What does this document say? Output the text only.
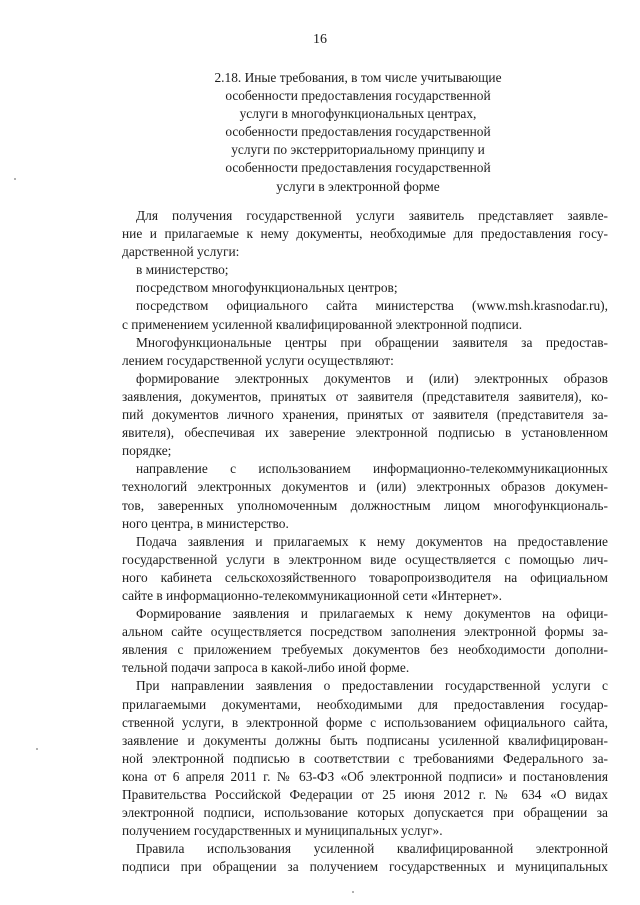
16
2.18. Иные требования, в том числе учитывающие
особенности предоставления государственной
услуги в многофункциональных центрах,
особенности предоставления государственной
услуги по экстерриториальному принципу и
особенности предоставления государственной
услуги в электронной форме
Для получения государственной услуги заявитель представляет заявле-
ние и прилагаемые к нему документы, необходимые для предоставления госу-
дарственной услуги:
в министерство;
посредством многофункциональных центров;
посредством официального сайта министерства (www.msh.krasnodar.ru),
с применением усиленной квалифицированной электронной подписи.
Многофункциональные центры при обращении заявителя за предостав-
лением государственной услуги осуществляют:
формирование электронных документов и (или) электронных образов
заявления, документов, принятых от заявителя (представителя заявителя), ко-
пий документов личного хранения, принятых от заявителя (представителя за-
явителя), обеспечивая их заверение электронной подписью в установленном
порядке;
направление с использованием информационно-телекоммуникационных
технологий электронных документов и (или) электронных образов докумен-
тов, заверенных уполномоченным должностным лицом многофункциональ-
ного центра, в министерство.
Подача заявления и прилагаемых к нему документов на предоставление
государственной услуги в электронном виде осуществляется с помощью лич-
ного кабинета сельскохозяйственного товаропроизводителя на официальном
сайте в информационно-телекоммуникационной сети «Интернет».
Формирование заявления и прилагаемых к нему документов на офици-
альном сайте осуществляется посредством заполнения электронной формы за-
явления с приложением требуемых документов без необходимости дополни-
тельной подачи запроса в какой-либо иной форме.
При направлении заявления о предоставлении государственной услуги с
прилагаемыми документами, необходимыми для предоставления государ-
ственной услуги, в электронной форме с использованием официального сайта,
заявление и документы должны быть подписаны усиленной квалифицирован-
ной электронной подписью в соответствии с требованиями Федерального за-
кона от 6 апреля 2011 г. № 63-ФЗ «Об электронной подписи» и постановления
Правительства Российской Федерации от 25 июня 2012 г. № 634 «О видах
электронной подписи, использование которых допускается при обращении за
получением государственных и муниципальных услуг».
Правила использования усиленной квалифицированной электронной
подписи при обращении за получением государственных и муниципальных
